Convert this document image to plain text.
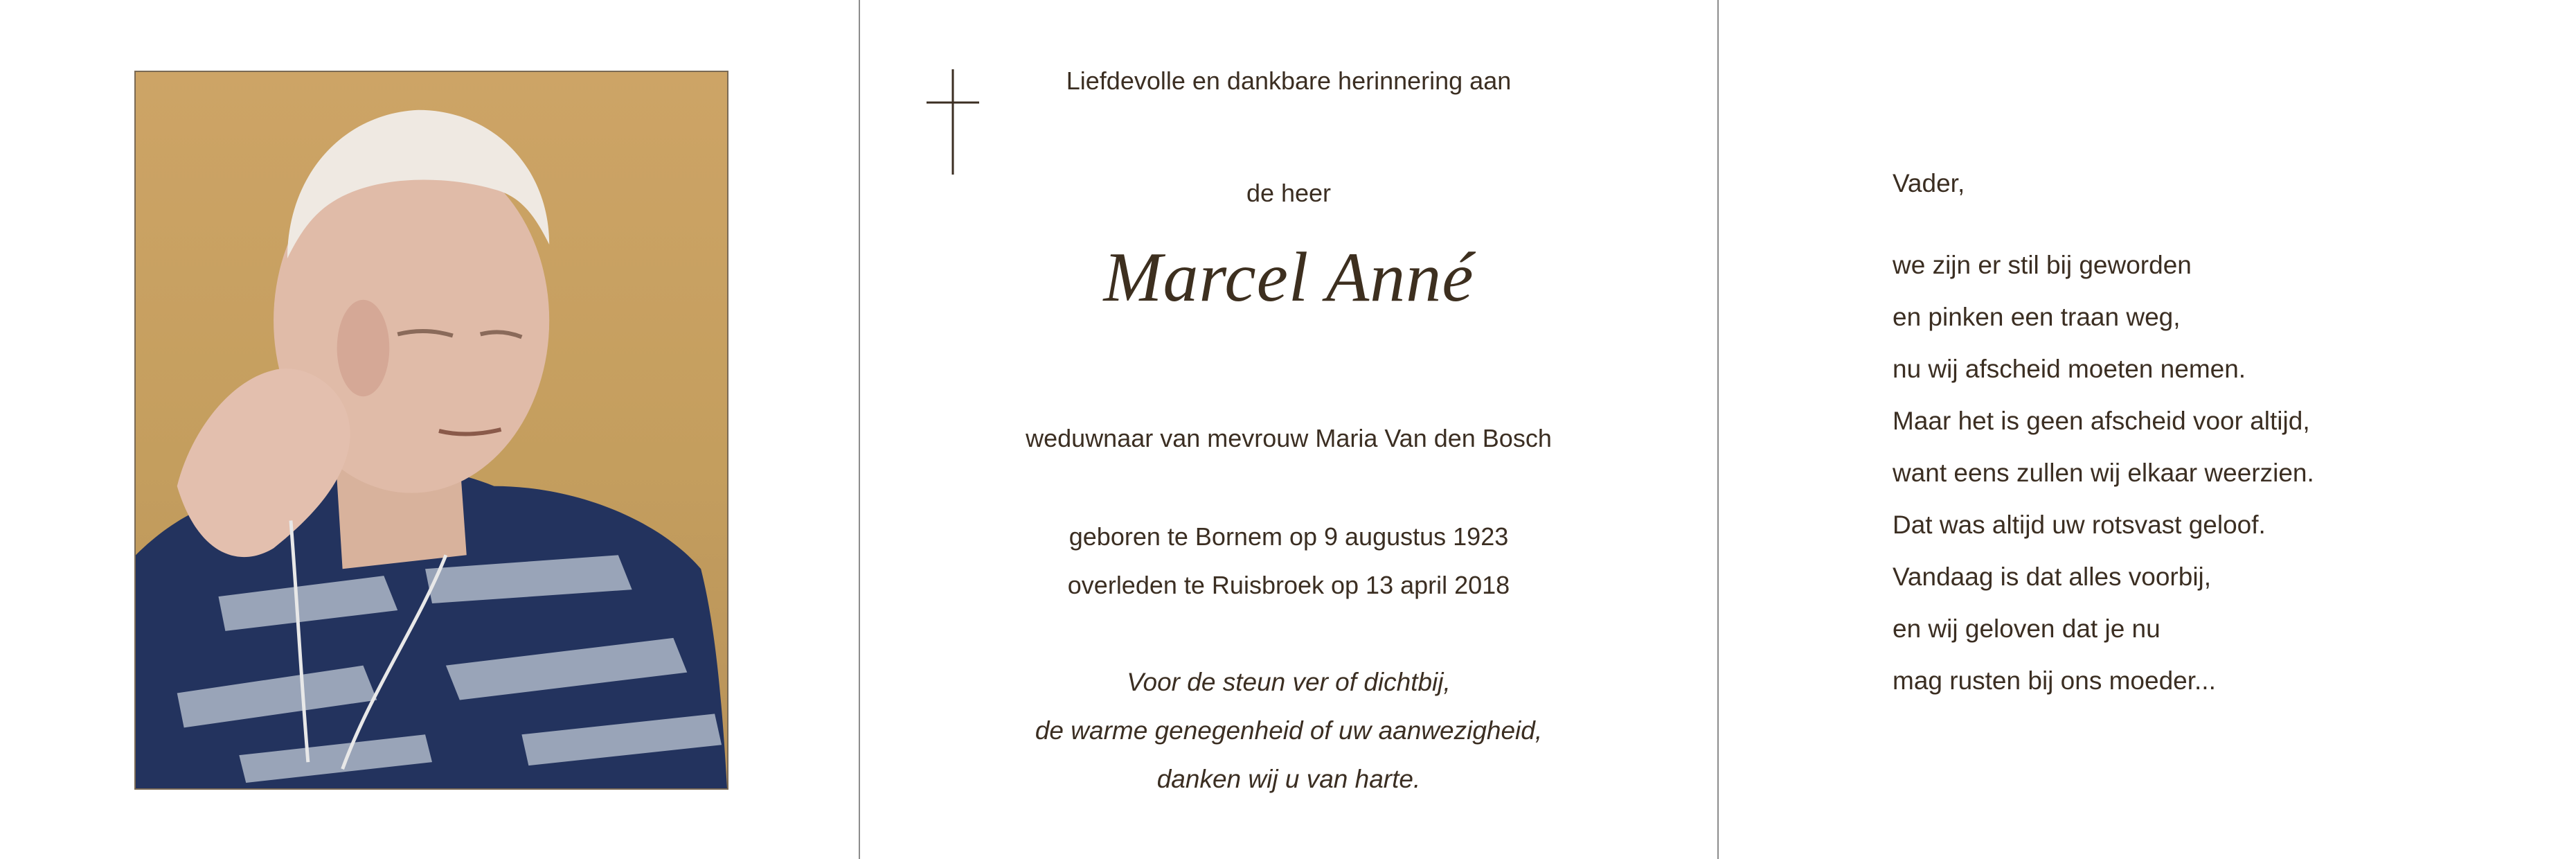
Liefdevolle en dankbare herinnering aan
de heer
Marcel Anné
weduwnaar van mevrouw Maria Van den Bosch
geboren te Bornem op 9 augustus 1923
overleden te Ruisbroek op 13 april 2018
Voor de steun ver of dichtbij,
de warme genegenheid of uw aanwezigheid,
danken wij u van harte.
Vader,
we zijn er stil bij geworden
en pinken een traan weg,
nu wij afscheid moeten nemen.
Maar het is geen afscheid voor altijd,
want eens zullen wij elkaar weerzien.
Dat was altijd uw rotsvast geloof.
Vandaag is dat alles voorbij,
en wij geloven dat je nu
mag rusten bij ons moeder...
